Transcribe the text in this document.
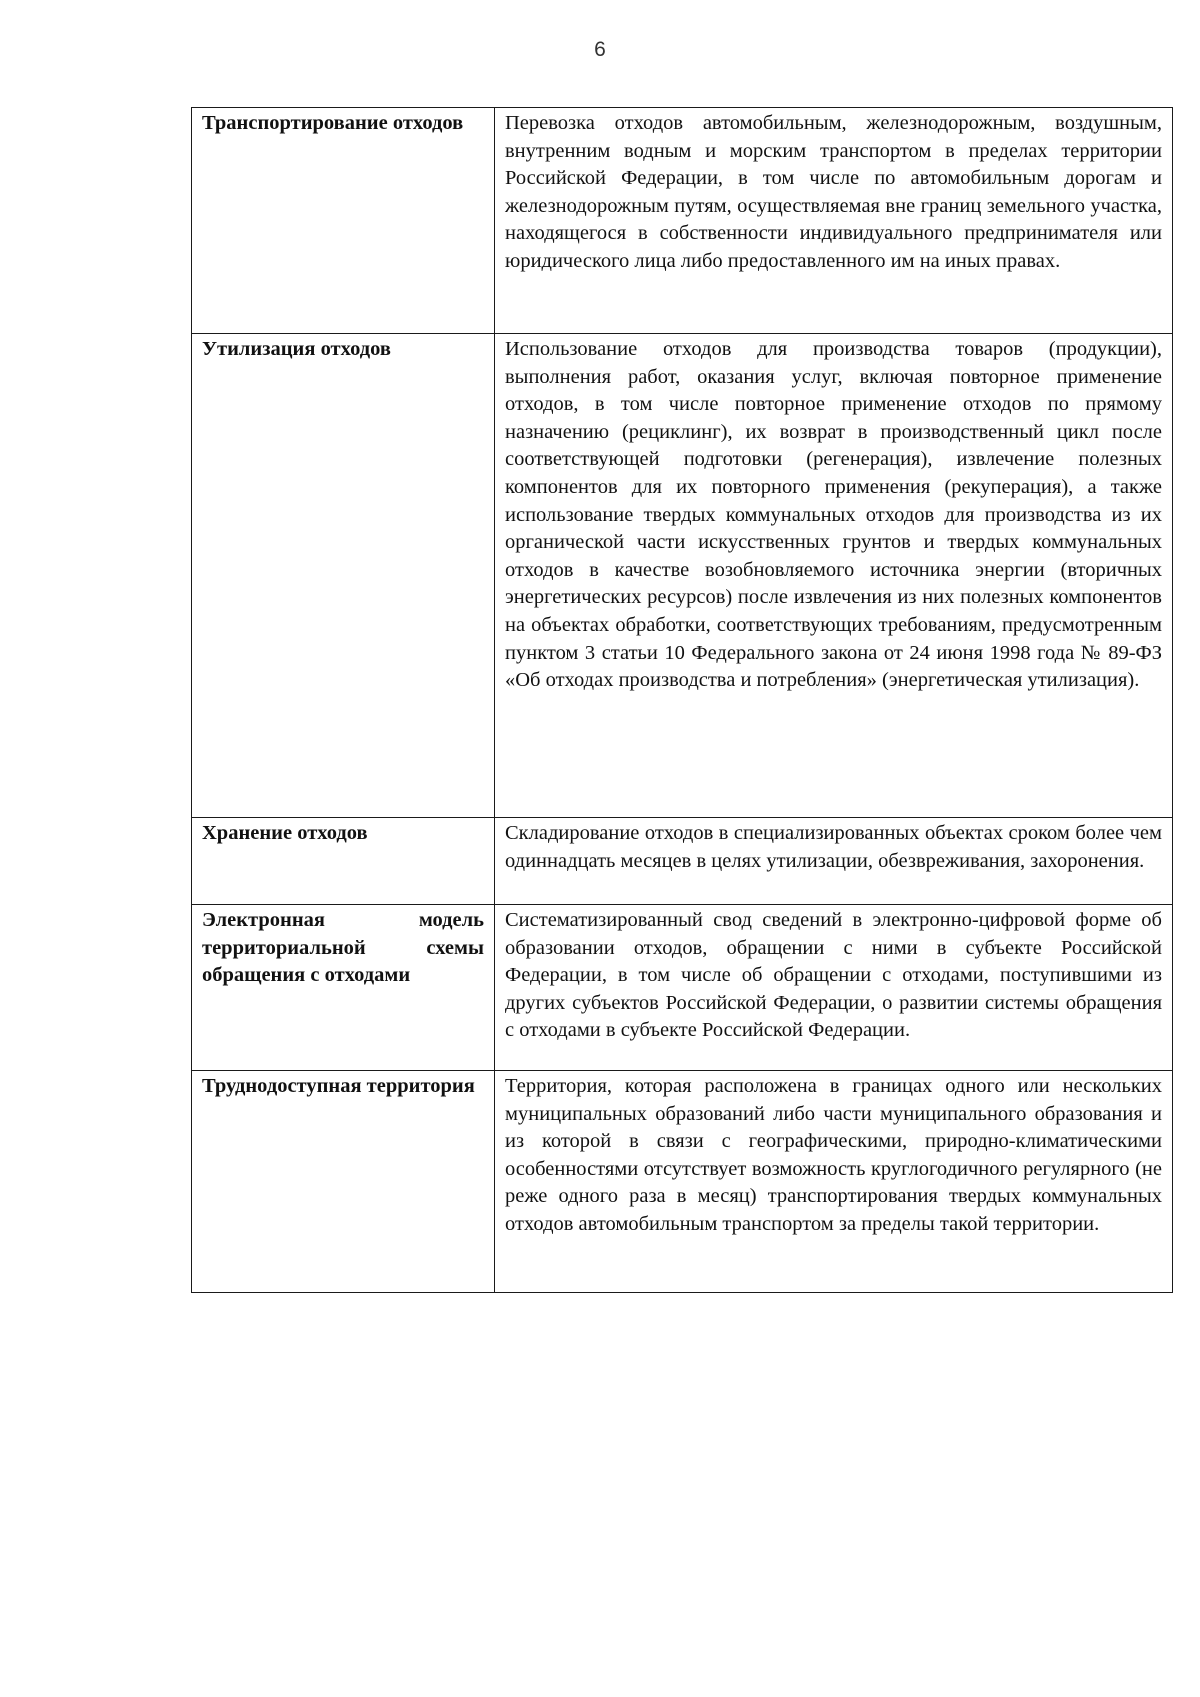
6
Транспортирование отходов	Перевозка отходов автомобильным, железнодорожным, воздушным, внутренним водным и морским транспортом в пределах территории Российской Федерации, в том числе по автомобильным дорогам и железнодорожным путям, осуществляемая вне границ земельного участка, находящегося в собственности индивидуального предпринимателя или юридического лица либо предоставленного им на иных правах.
Утилизация отходов	Использование отходов для производства товаров (продукции), выполнения работ, оказания услуг, включая повторное применение отходов, в том числе повторное применение отходов по прямому назначению (рециклинг), их возврат в производственный цикл после соответствующей подготовки (регенерация), извлечение полезных компонентов для их повторного применения (рекуперация), а также использование твердых коммунальных отходов для производства из их органической части искусственных грунтов и твердых коммунальных отходов в качестве возобновляемого источника энергии (вторичных энергетических ресурсов) после извлечения из них полезных компонентов на объектах обработки, соответствующих требованиям, предусмотренным пунктом 3 статьи 10 Федерального закона от 24 июня 1998 года № 89-ФЗ «Об отходах производства и потребления» (энергетическая утилизация).
Хранение отходов	Складирование отходов в специализированных объектах сроком более чем одиннадцать месяцев в целях утилизации, обезвреживания, захоронения.
Электронная модель территориальной схемы обращения с отходами	Систематизированный свод сведений в электронно-цифровой форме об образовании отходов, обращении с ними в субъекте Российской Федерации, в том числе об обращении с отходами, поступившими из других субъектов Российской Федерации, о развитии системы обращения с отходами в субъекте Российской Федерации.
Труднодоступная территория	Территория, которая расположена в границах одного или нескольких муниципальных образований либо части муниципального образования и из которой в связи с географическими, природно-климатическими особенностями отсутствует возможность круглогодичного регулярного (не реже одного раза в месяц) транспортирования твердых коммунальных отходов автомобильным транспортом за пределы такой территории.
